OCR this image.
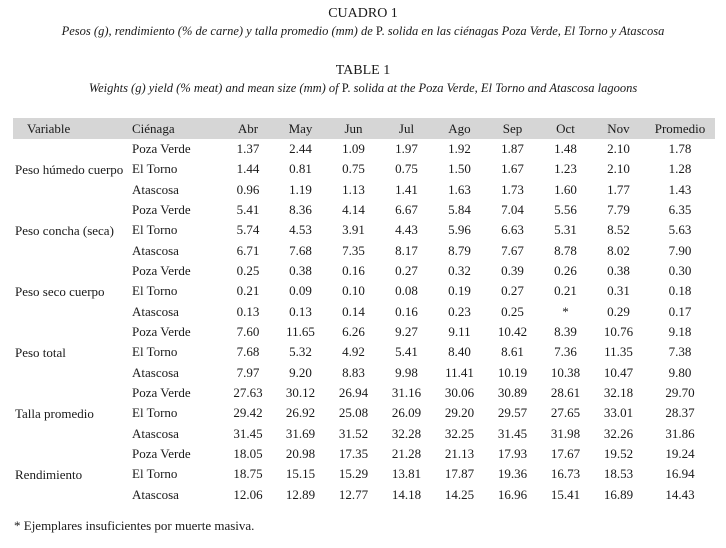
CUADRO 1
Pesos (g), rendimiento (% de carne) y talla promedio (mm) de P. solida en las ciénagas Poza Verde, El Torno y Atascosa
TABLE 1
Weights (g) yield (% meat) and mean size (mm) of P. solida at the Poza Verde, El Torno and Atascosa lagoons
Variable	Ciénaga	Abr	May	Jun	Jul	Ago	Sep	Oct	Nov	Promedio
Peso húmedo cuerpo	Poza Verde	1.37	2.44	1.09	1.97	1.92	1.87	1.48	2.10	1.78
	El Torno	1.44	0.81	0.75	0.75	1.50	1.67	1.23	2.10	1.28
	Atascosa	0.96	1.19	1.13	1.41	1.63	1.73	1.60	1.77	1.43
Peso concha (seca)	Poza Verde	5.41	8.36	4.14	6.67	5.84	7.04	5.56	7.79	6.35
	El Torno	5.74	4.53	3.91	4.43	5.96	6.63	5.31	8.52	5.63
	Atascosa	6.71	7.68	7.35	8.17	8.79	7.67	8.78	8.02	7.90
Peso seco cuerpo	Poza Verde	0.25	0.38	0.16	0.27	0.32	0.39	0.26	0.38	0.30
	El Torno	0.21	0.09	0.10	0.08	0.19	0.27	0.21	0.31	0.18
	Atascosa	0.13	0.13	0.14	0.16	0.23	0.25	*	0.29	0.17
Peso total	Poza Verde	7.60	11.65	6.26	9.27	9.11	10.42	8.39	10.76	9.18
	El Torno	7.68	5.32	4.92	5.41	8.40	8.61	7.36	11.35	7.38
	Atascosa	7.97	9.20	8.83	9.98	11.41	10.19	10.38	10.47	9.80
Talla promedio	Poza Verde	27.63	30.12	26.94	31.16	30.06	30.89	28.61	32.18	29.70
	El Torno	29.42	26.92	25.08	26.09	29.20	29.57	27.65	33.01	28.37
	Atascosa	31.45	31.69	31.52	32.28	32.25	31.45	31.98	32.26	31.86
Rendimiento	Poza Verde	18.05	20.98	17.35	21.28	21.13	17.93	17.67	19.52	19.24
	El Torno	18.75	15.15	15.29	13.81	17.87	19.36	16.73	18.53	16.94
	Atascosa	12.06	12.89	12.77	14.18	14.25	16.96	15.41	16.89	14.43
* Ejemplares insuficientes por muerte masiva.
